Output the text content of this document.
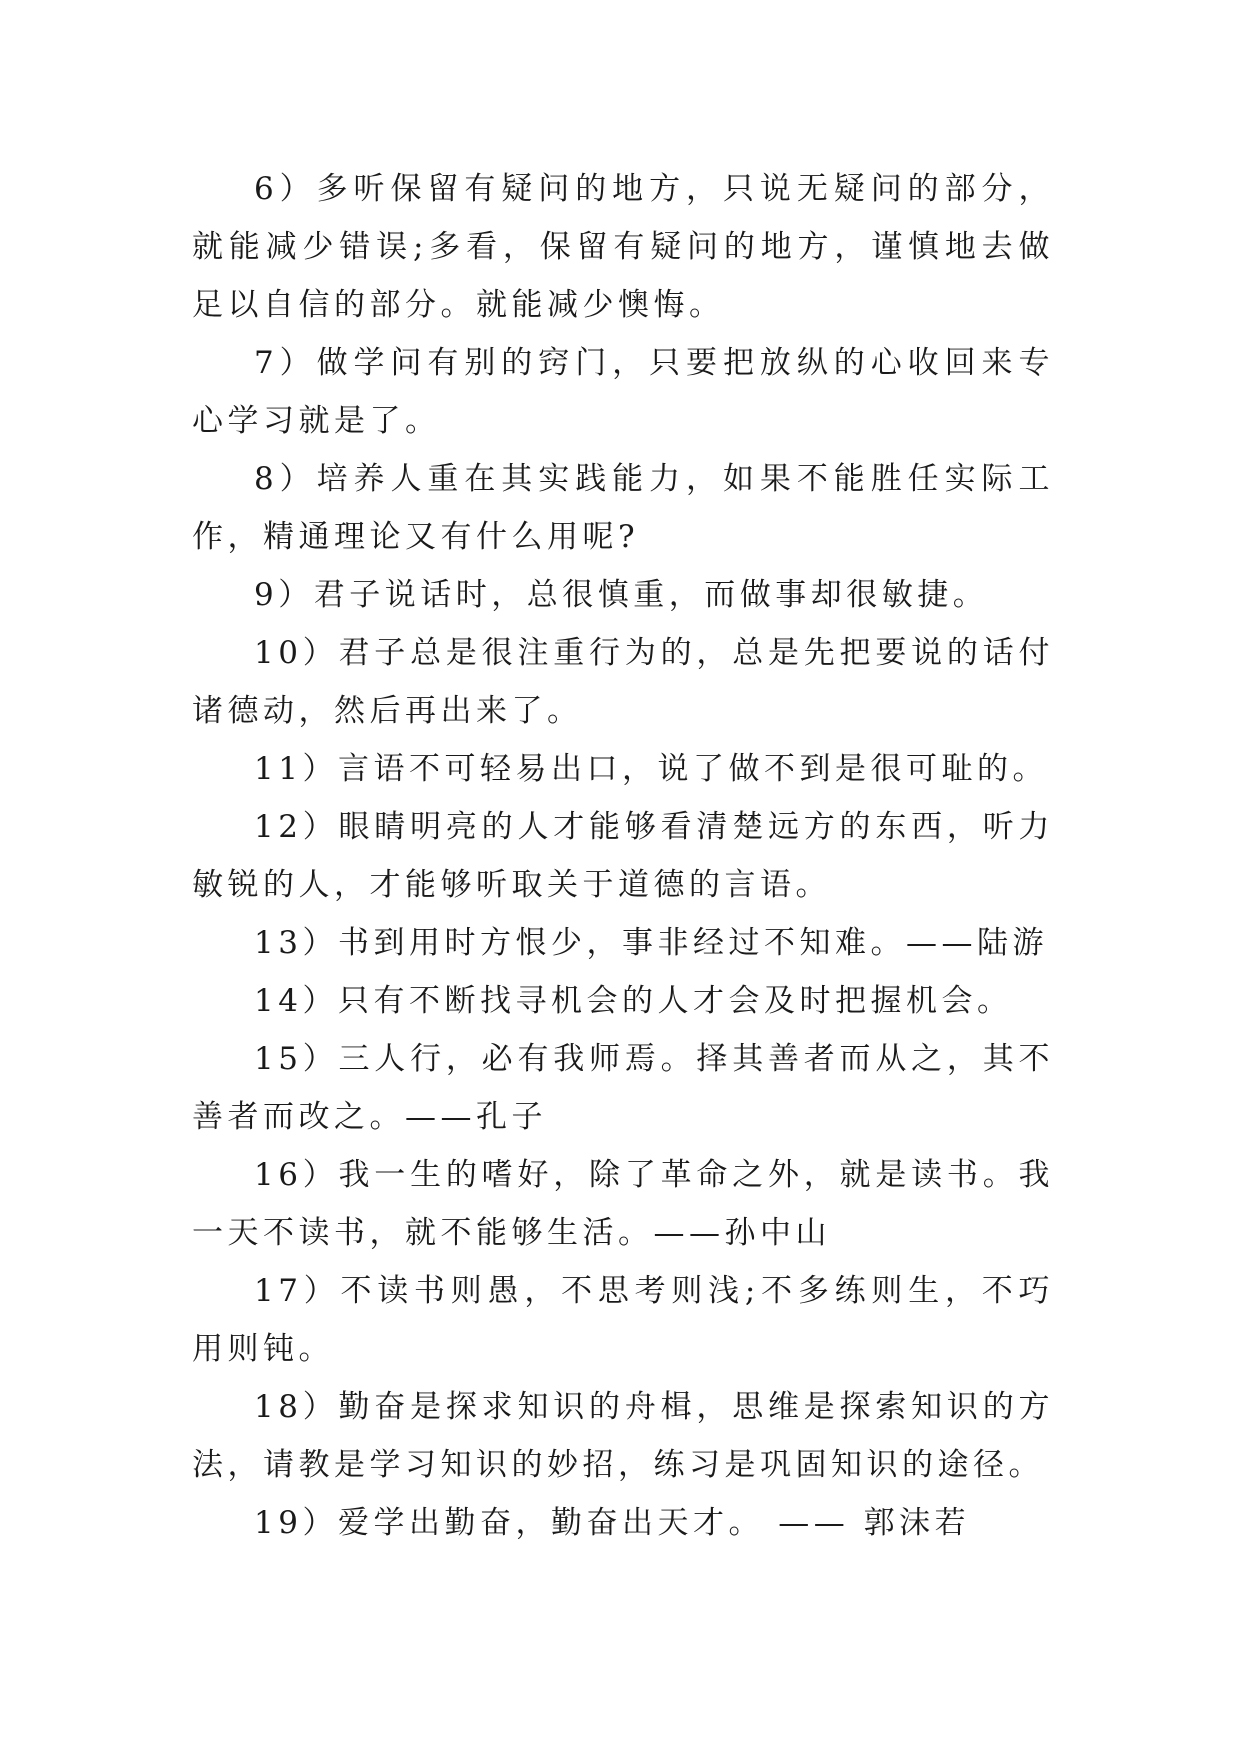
6）多听保留有疑问的地方，只说无疑问的部分，就能减少错误;多看，保留有疑问的地方，谨慎地去做足以自信的部分。就能减少懊悔。

7）做学问有别的窍门，只要把放纵的心收回来专心学习就是了。

8）培养人重在其实践能力，如果不能胜任实际工作，精通理论又有什么用呢?

9）君子说话时，总很慎重，而做事却很敏捷。

10）君子总是很注重行为的，总是先把要说的话付诸德动，然后再出来了。

11）言语不可轻易出口，说了做不到是很可耻的。

12）眼睛明亮的人才能够看清楚远方的东西，听力敏锐的人，才能够听取关于道德的言语。

13）书到用时方恨少，事非经过不知难。——陆游

14）只有不断找寻机会的人才会及时把握机会。

15）三人行，必有我师焉。择其善者而从之，其不善者而改之。——孔子

16）我一生的嗜好，除了革命之外，就是读书。我一天不读书，就不能够生活。——孙中山

17）不读书则愚，不思考则浅;不多练则生，不巧用则钝。

18）勤奋是探求知识的舟楫，思维是探索知识的方法，请教是学习知识的妙招，练习是巩固知识的途径。

19）爱学出勤奋，勤奋出天才。 —— 郭沫若
